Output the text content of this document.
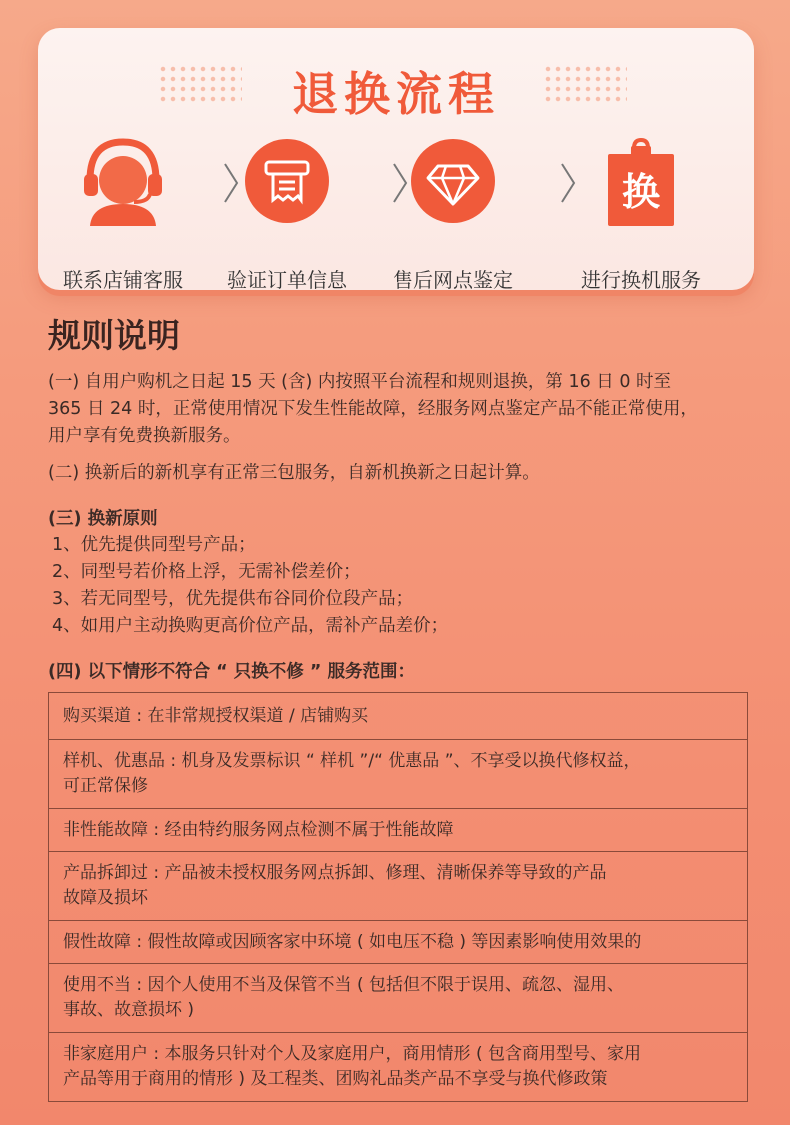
退换流程
联系店铺客服	验证订单信息	售后网点鉴定
换
进行换机服务
规则说明
(一) 自用户购机之日起 15 天 (含) 内按照平台流程和规则退换，第 16 日 0 时至
365 日 24 时，正常使用情况下发生性能故障，经服务网点鉴定产品不能正常使用，
用户享有免费换新服务。
(二) 换新后的新机享有正常三包服务，自新机换新之日起计算。
(三) 换新原则
1、优先提供同型号产品；
2、同型号若价格上浮，无需补偿差价；
3、若无同型号，优先提供布谷同价位段产品；
4、如用户主动换购更高价位产品，需补产品差价；
(四) 以下情形不符合 “ 只换不修 ” 服务范围：
购买渠道 : 在非常规授权渠道 / 店铺购买

样机、优惠品 : 机身及发票标识 “ 样机 ”/“ 优惠品 ”、不享受以换代修权益，
可正常保修

非性能故障 : 经由特约服务网点检测不属于性能故障

产品拆卸过 : 产品被未授权服务网点拆卸、修理、清晰保养等导致的产品
故障及损坏

假性故障 : 假性故障或因顾客家中环境 ( 如电压不稳 ) 等因素影响使用效果的

使用不当 : 因个人使用不当及保管不当 ( 包括但不限于误用、疏忽、湿用、
事故、故意损坏 )

非家庭用户 : 本服务只针对个人及家庭用户，商用情形 ( 包含商用型号、家用
产品等用于商用的情形 ) 及工程类、团购礼品类产品不享受与换代修政策
